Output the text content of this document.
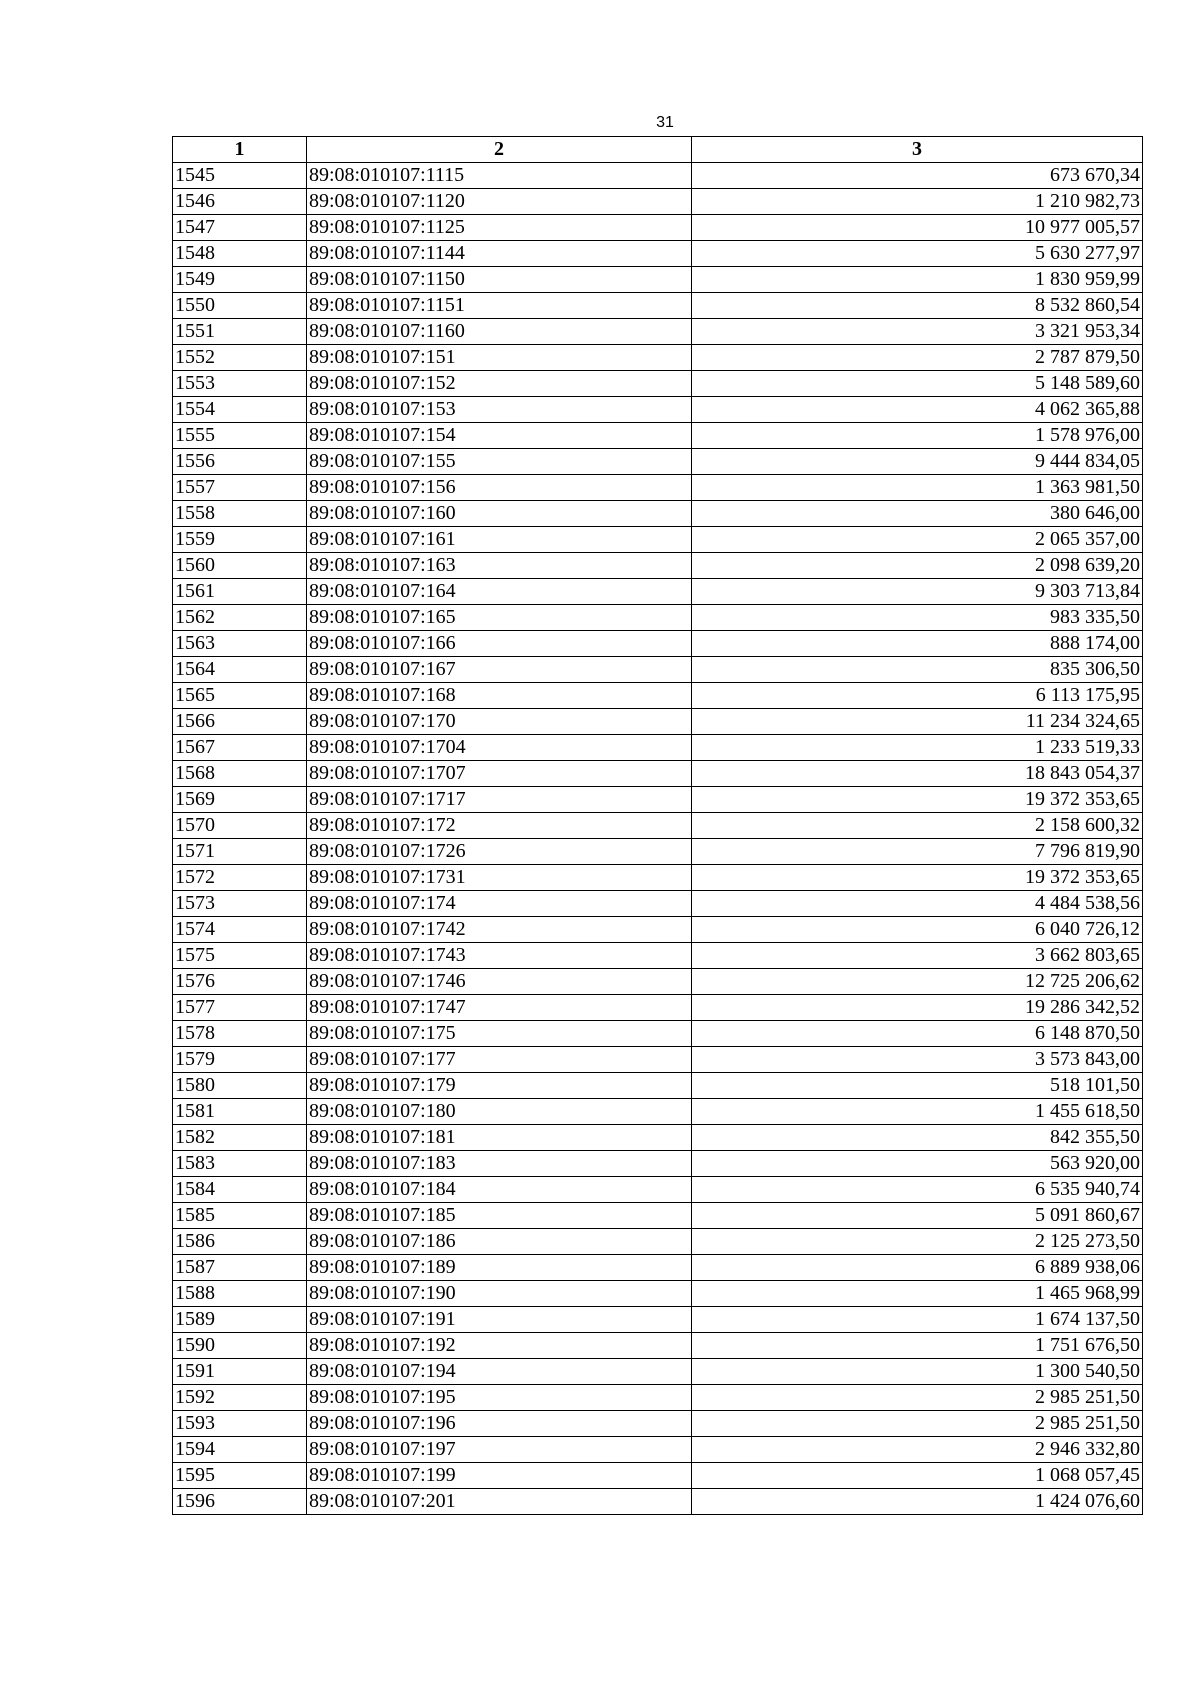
31
1	2	3
1545	89:08:010107:1115	673 670,34
1546	89:08:010107:1120	1 210 982,73
1547	89:08:010107:1125	10 977 005,57
1548	89:08:010107:1144	5 630 277,97
1549	89:08:010107:1150	1 830 959,99
1550	89:08:010107:1151	8 532 860,54
1551	89:08:010107:1160	3 321 953,34
1552	89:08:010107:151	2 787 879,50
1553	89:08:010107:152	5 148 589,60
1554	89:08:010107:153	4 062 365,88
1555	89:08:010107:154	1 578 976,00
1556	89:08:010107:155	9 444 834,05
1557	89:08:010107:156	1 363 981,50
1558	89:08:010107:160	380 646,00
1559	89:08:010107:161	2 065 357,00
1560	89:08:010107:163	2 098 639,20
1561	89:08:010107:164	9 303 713,84
1562	89:08:010107:165	983 335,50
1563	89:08:010107:166	888 174,00
1564	89:08:010107:167	835 306,50
1565	89:08:010107:168	6 113 175,95
1566	89:08:010107:170	11 234 324,65
1567	89:08:010107:1704	1 233 519,33
1568	89:08:010107:1707	18 843 054,37
1569	89:08:010107:1717	19 372 353,65
1570	89:08:010107:172	2 158 600,32
1571	89:08:010107:1726	7 796 819,90
1572	89:08:010107:1731	19 372 353,65
1573	89:08:010107:174	4 484 538,56
1574	89:08:010107:1742	6 040 726,12
1575	89:08:010107:1743	3 662 803,65
1576	89:08:010107:1746	12 725 206,62
1577	89:08:010107:1747	19 286 342,52
1578	89:08:010107:175	6 148 870,50
1579	89:08:010107:177	3 573 843,00
1580	89:08:010107:179	518 101,50
1581	89:08:010107:180	1 455 618,50
1582	89:08:010107:181	842 355,50
1583	89:08:010107:183	563 920,00
1584	89:08:010107:184	6 535 940,74
1585	89:08:010107:185	5 091 860,67
1586	89:08:010107:186	2 125 273,50
1587	89:08:010107:189	6 889 938,06
1588	89:08:010107:190	1 465 968,99
1589	89:08:010107:191	1 674 137,50
1590	89:08:010107:192	1 751 676,50
1591	89:08:010107:194	1 300 540,50
1592	89:08:010107:195	2 985 251,50
1593	89:08:010107:196	2 985 251,50
1594	89:08:010107:197	2 946 332,80
1595	89:08:010107:199	1 068 057,45
1596	89:08:010107:201	1 424 076,60
